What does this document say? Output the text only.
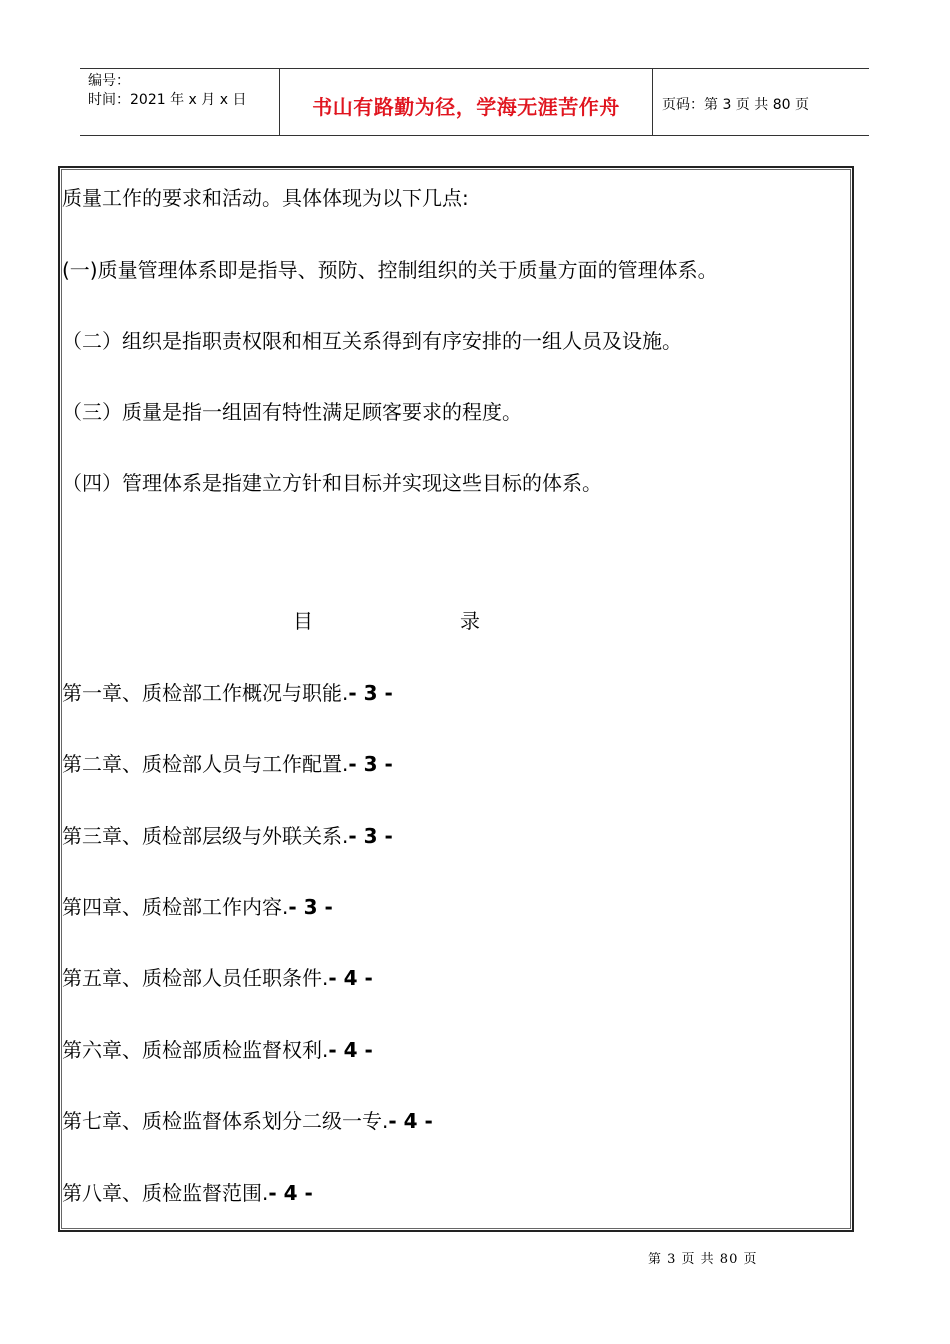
编号：
时间：2021 年 x 月 x 日	书山有路勤为径，学海无涯苦作舟	页码：第 3 页 共 80 页
质量工作的要求和活动。具体体现为以下几点:
(一)质量管理体系即是指导、预防、控制组织的关于质量方面的管理体系。
（二）组织是指职责权限和相互关系得到有序安排的一组人员及设施。
（三）质量是指一组固有特性满足顾客要求的程度。
（四）管理体系是指建立方针和目标并实现这些目标的体系。
目	录
第一章、质检部工作概况与职能.- 3 -
第二章、质检部人员与工作配置.- 3 -
第三章、质检部层级与外联关系.- 3 -
第四章、质检部工作内容.- 3 -
第五章、质检部人员任职条件.- 4 -
第六章、质检部质检监督权利.- 4 -
第七章、质检监督体系划分二级一专.- 4 -
第八章、质检监督范围.- 4 -
第 3 页 共 80 页
